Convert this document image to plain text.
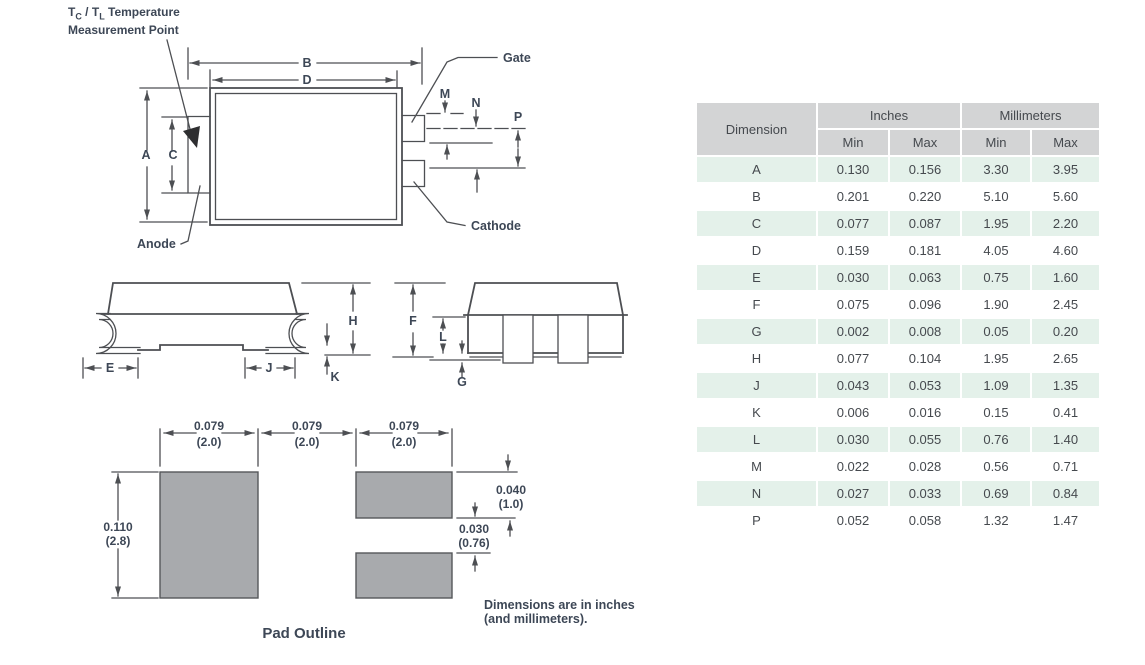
A C
B
D
M
N
P
Gate
Cathode
Anode
H
E	J
K
F
L
G
0.079
(2.0)
0.079
(2.0)
0.079
(2.0)
0.110
(2.8)
0.040
(1.0)
0.030
(0.76)
$T_C / T_L$ Temperature
Measurement Point
Dimensions are in inches
(and millimeters).
Pad Outline
Dimension	Inches		Millimeters	
	Min	Max	Min	Max
A	0.130	0.156	3.30	3.95
B	0.201	0.220	5.10	5.60
C	0.077	0.087	1.95	2.20
D	0.159	0.181	4.05	4.60
E	0.030	0.063	0.75	1.60
F	0.075	0.096	1.90	2.45
G	0.002	0.008	0.05	0.20
H	0.077	0.104	1.95	2.65
J	0.043	0.053	1.09	1.35
K	0.006	0.016	0.15	0.41
L	0.030	0.055	0.76	1.40
M	0.022	0.028	0.56	0.71
N	0.027	0.033	0.69	0.84
P	0.052	0.058	1.32	1.47
